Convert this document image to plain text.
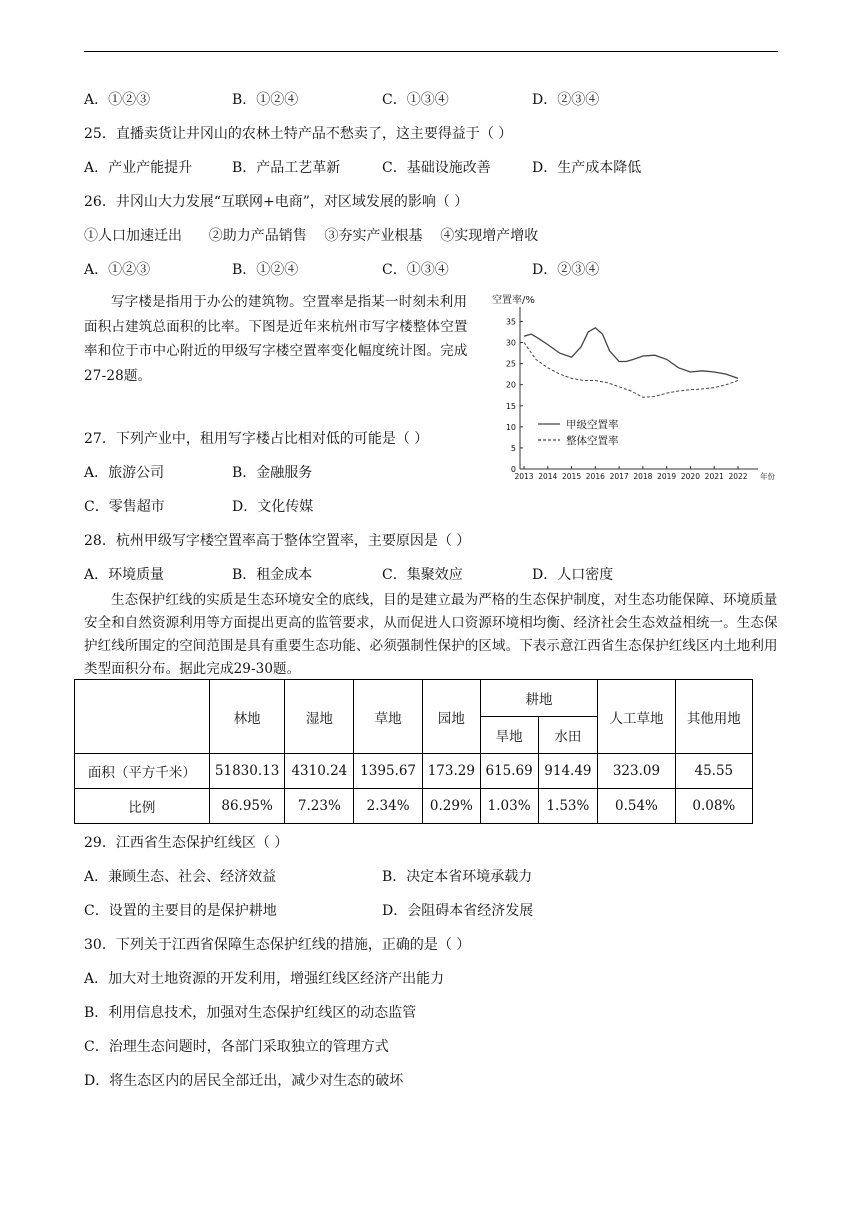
A．①②③	B．①②④	C．①③④	D．②③④
25．直播卖货让井冈山的农林土特产品不愁卖了，这主要得益于（ ）
A．产业产能提升	B．产品工艺革新	C．基础设施改善	D．生产成本降低
26．井冈山大力发展“互联网+电商”，对区域发展的影响（ ）
①人口加速迁出      ②助力产品销售    ③夯实产业根基    ④实现增产增收
A．①②③	B．①②④	C．①③④	D．②③④
写字楼是指用于办公的建筑物。空置率是指某一时刻未利用面积占建筑总面积的比率。下图是近年来杭州市写字楼整体空置率和位于市中心附近的甲级写字楼空置率变化幅度统计图。完成27-28题。
空置率/%
0
5
10
15
20
25
30
35
2013 2014 2015 2016 2017 2018 2019 2020 2021 2022 年份
甲级空置率
整体空置率
27．下列产业中，租用写字楼占比相对低的可能是（ ）
A．旅游公司	B．金融服务
C．零售超市	D．文化传媒
28．杭州甲级写字楼空置率高于整体空置率，主要原因是（ ）
A．环境质量	B．租金成本	C．集聚效应	D．人口密度
生态保护红线的实质是生态环境安全的底线，目的是建立最为严格的生态保护制度，对生态功能保障、环境质量安全和自然资源利用等方面提出更高的监管要求，从而促进人口资源环境相均衡、经济社会生态效益相统一。生态保护红线所围定的空间范围是具有重要生态功能、必须强制性保护的区域。下表示意江西省生态保护红线区内土地利用类型面积分布。据此完成29-30题。
	林地	湿地	草地	园地	耕地		人工草地	其他用地
					旱地	水田		
面积（平方千米）	51830.13	4310.24	1395.67	173.29	615.69	914.49	323.09	45.55
比例	86.95%	7.23%	2.34%	0.29%	1.03%	1.53%	0.54%	0.08%
29．江西省生态保护红线区（ ）
A．兼顾生态、社会、经济效益	B．决定本省环境承载力
C．设置的主要目的是保护耕地	D．会阻碍本省经济发展
30．下列关于江西省保障生态保护红线的措施，正确的是（ ）
A．加大对土地资源的开发利用，增强红线区经济产出能力
B．利用信息技术，加强对生态保护红线区的动态监管
C．治理生态问题时，各部门采取独立的管理方式
D．将生态区内的居民全部迁出，减少对生态的破坏
